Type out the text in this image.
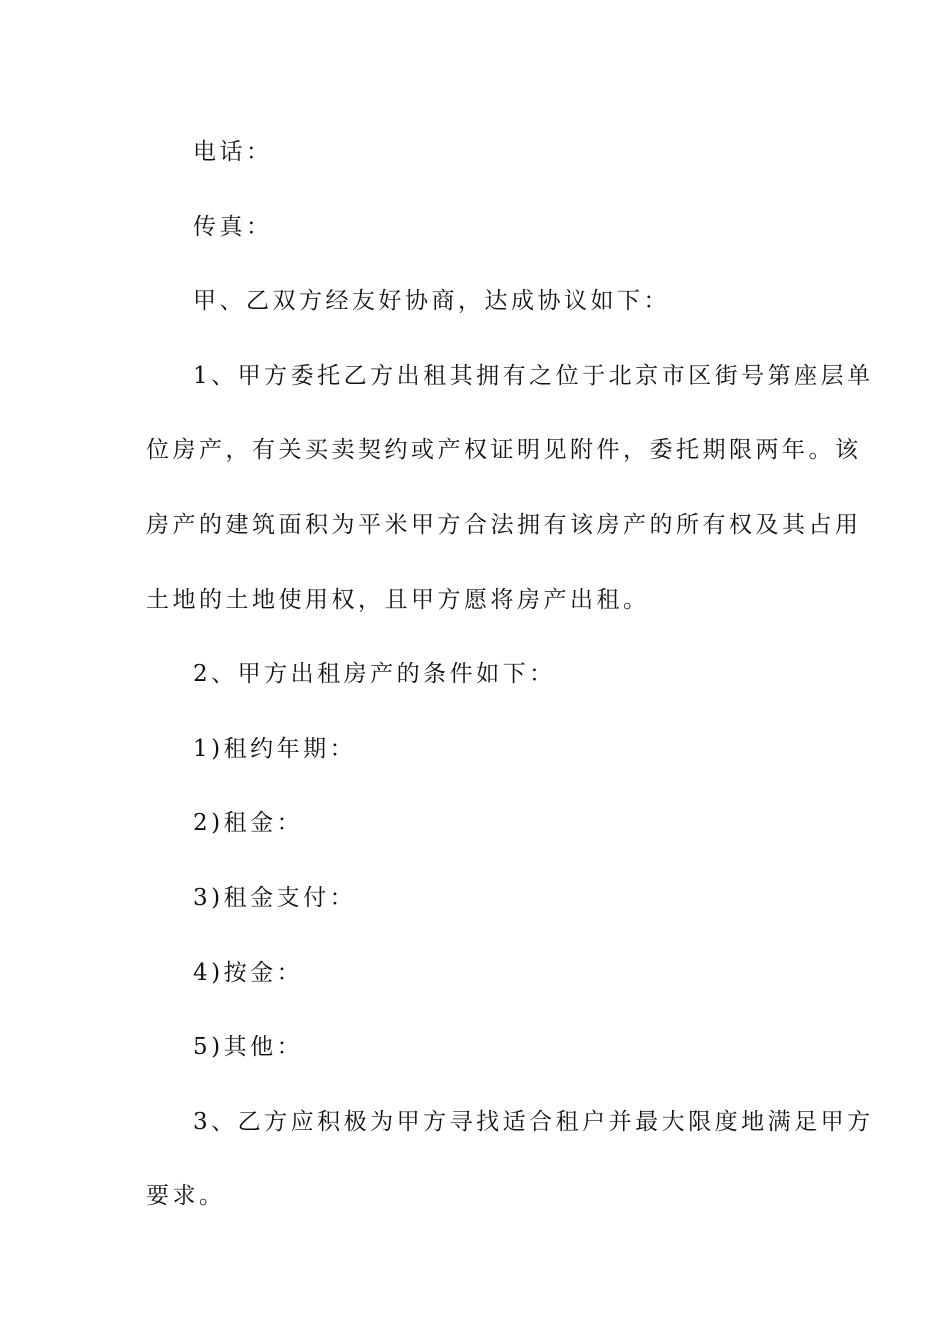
电话：
传真：
甲、乙双方经友好协商，达成协议如下：
1、甲方委托乙方出租其拥有之位于北京市区街号第座层单
位房产，有关买卖契约或产权证明见附件，委托期限两年。该
房产的建筑面积为平米甲方合法拥有该房产的所有权及其占用
土地的土地使用权，且甲方愿将房产出租。
2、甲方出租房产的条件如下：
1)租约年期：
2)租金：
3)租金支付：
4)按金：
5)其他：
3、乙方应积极为甲方寻找适合租户并最大限度地满足甲方
要求。
